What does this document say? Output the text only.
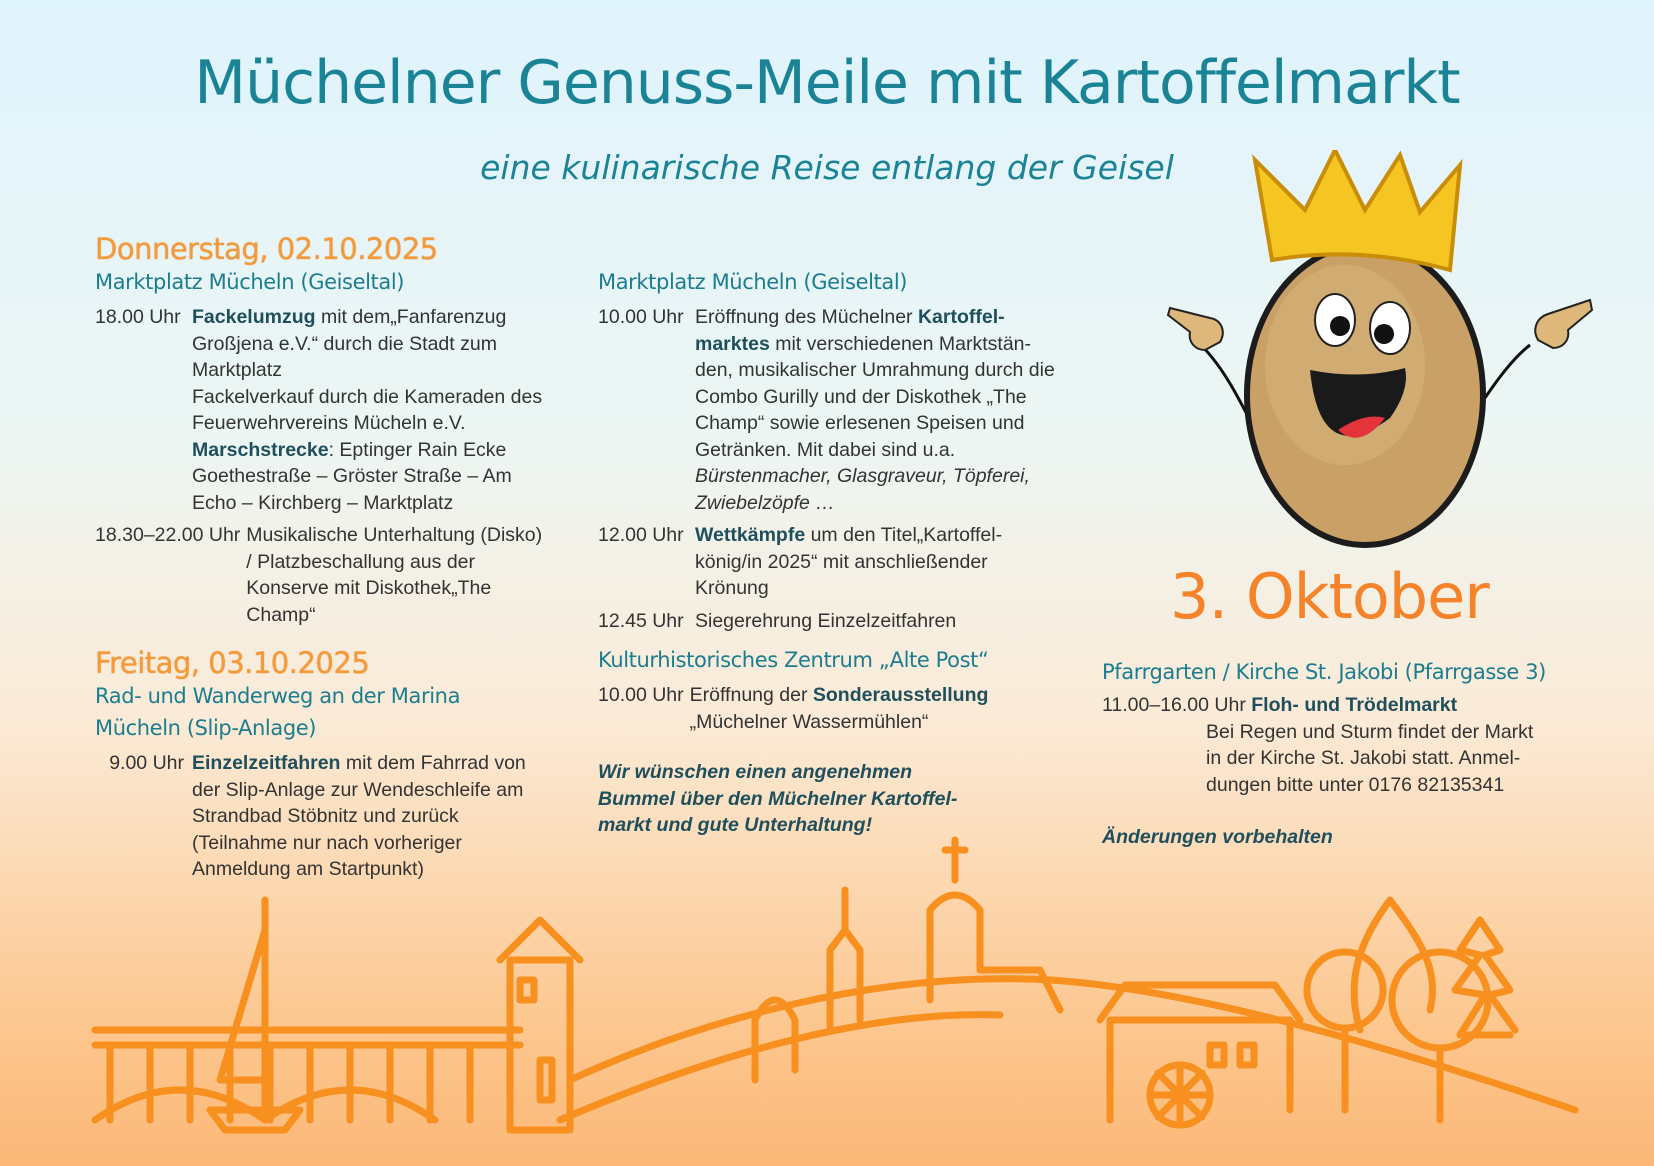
Müchelner Genuss-Meile mit Kartoffelmarkt
eine kulinarische Reise entlang der Geisel
Donnerstag, 02.10.2025
Marktplatz Mücheln (Geiseltal)
18.00 Uhr Fackelumzug mit dem„Fanfarenzug Großjena e.V.“ durch die Stadt zum Marktplatz
Fackelverkauf durch die Kameraden des Feuerwehrvereins Mücheln e.V.
Marschstrecke: Eptinger Rain Ecke Goethestraße – Gröster Straße – Am Echo – Kirchberg – Marktplatz
18.30–22.00 Uhr Musikalische Unterhaltung (Disko) / Platzbeschallung aus der Konserve mit Diskothek„The Champ“
Freitag, 03.10.2025
Rad- und Wanderweg an der Marina Mücheln (Slip-Anlage)
9.00 Uhr Einzelzeitfahren mit dem Fahrrad von der Slip-Anlage zur Wendeschleife am Strandbad Stöbnitz und zurück (Teilnahme nur nach vorheriger Anmeldung am Startpunkt)
Marktplatz Mücheln (Geiseltal)
10.00 Uhr Eröffnung des Müchelner Kartoffel-marktes mit verschiedenen Marktstän-den, musikalischer Umrahmung durch die Combo Gurilly und der Diskothek „The Champ“ sowie erlesenen Speisen und Getränken. Mit dabei sind u.a.
Bürstenmacher, Glasgraveur, Töpferei, Zwiebelzöpfe …
12.00 Uhr Wettkämpfe um den Titel„Kartoffel-könig/in 2025“ mit anschließender Krönung
12.45 Uhr Siegerehrung Einzelzeitfahren
Kulturhistorisches Zentrum „Alte Post“
10.00 Uhr Eröffnung der Sonderausstellung
„Müchelner Wassermühlen“
Wir wünschen einen angenehmen Bummel über den Müchelner Kartoffel-markt und gute Unterhaltung!
3. Oktober
Pfarrgarten / Kirche St. Jakobi (Pfarrgasse 3)
11.00–16.00 Uhr Floh- und Trödelmarkt
Bei Regen und Sturm findet der Markt in der Kirche St. Jakobi statt. Anmel-dungen bitte unter 0176 82135341
Änderungen vorbehalten
